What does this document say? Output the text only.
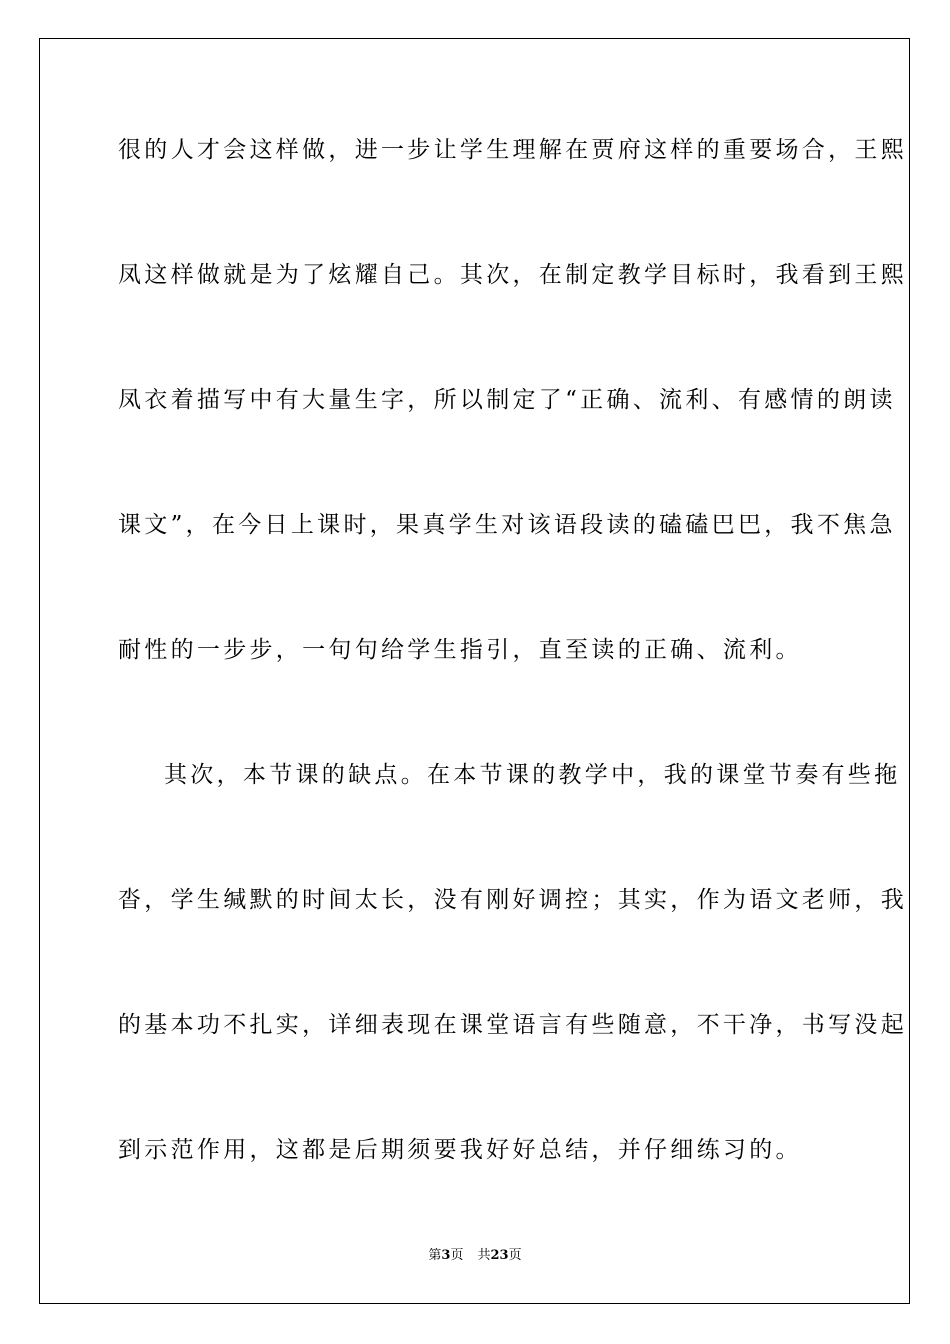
很的人才会这样做，进一步让学生理解在贾府这样的重要场合，王熙
凤这样做就是为了炫耀自己。其次，在制定教学目标时，我看到王熙
凤衣着描写中有大量生字，所以制定了“正确、流利、有感情的朗读
课文”，在今日上课时，果真学生对该语段读的磕磕巴巴，我不焦急
耐性的一步步，一句句给学生指引，直至读的正确、流利。
其次，本节课的缺点。在本节课的教学中，我的课堂节奏有些拖
沓，学生缄默的时间太长，没有刚好调控；其实，作为语文老师，我
的基本功不扎实，详细表现在课堂语言有些随意，不干净，书写没起
到示范作用，这都是后期须要我好好总结，并仔细练习的。
第3页 共23页
